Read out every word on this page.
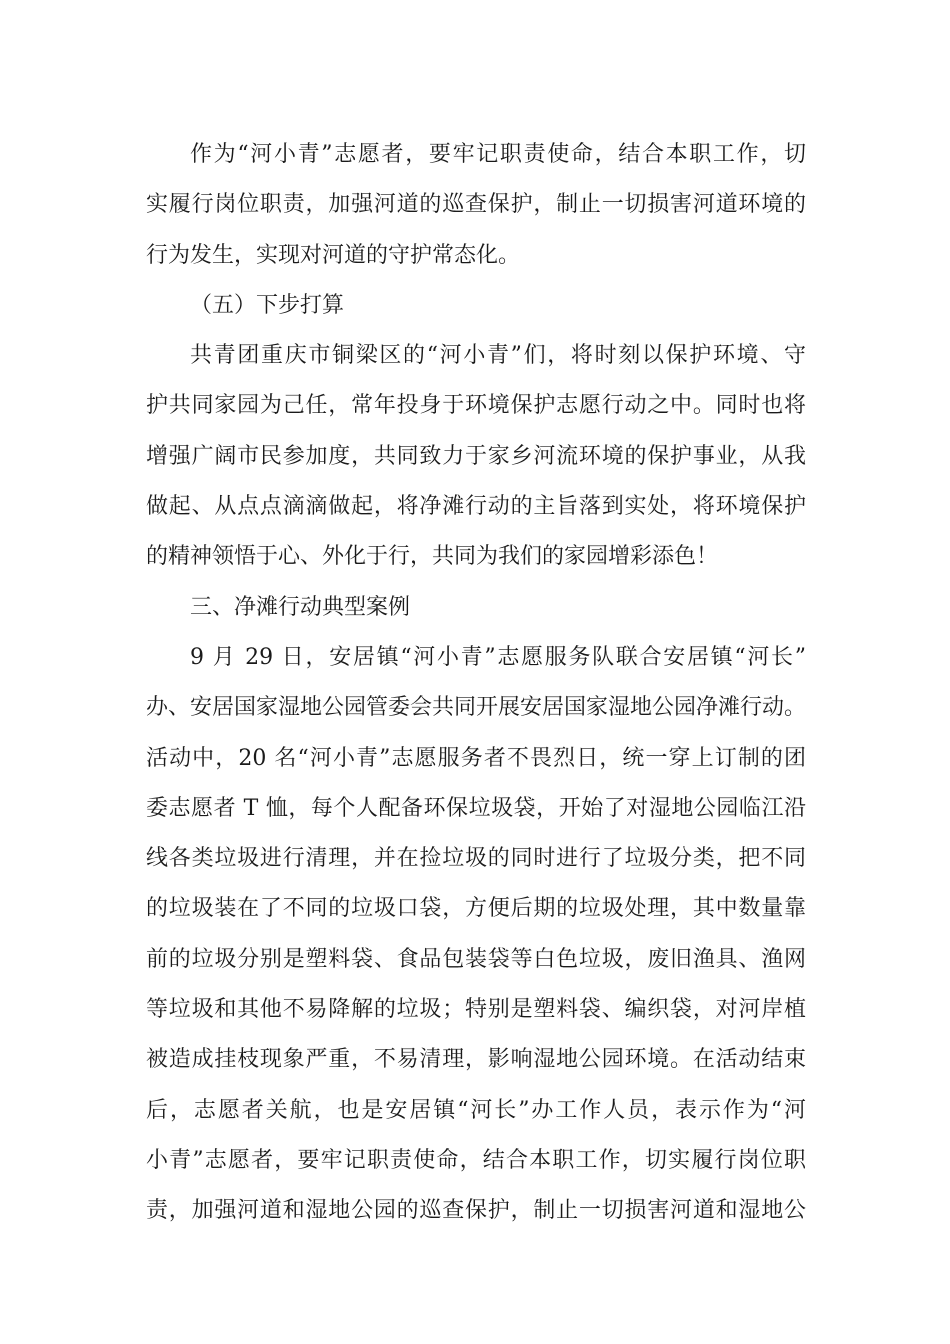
作为“河小青”志愿者，要牢记职责使命，结合本职工作，切
实履行岗位职责，加强河道的巡查保护，制止一切损害河道环境的
行为发生，实现对河道的守护常态化。
（五）下步打算
共青团重庆市铜梁区的“河小青”们，将时刻以保护环境、守
护共同家园为己任，常年投身于环境保护志愿行动之中。同时也将
增强广阔市民参加度，共同致力于家乡河流环境的保护事业，从我
做起、从点点滴滴做起，将净滩行动的主旨落到实处，将环境保护
的精神领悟于心、外化于行，共同为我们的家园增彩添色！
三、净滩行动典型案例
9 月 29 日，安居镇“河小青”志愿服务队联合安居镇“河长”
办、安居国家湿地公园管委会共同开展安居国家湿地公园净滩行动。
活动中，20 名“河小青”志愿服务者不畏烈日，统一穿上订制的团
委志愿者 T 恤，每个人配备环保垃圾袋，开始了对湿地公园临江沿
线各类垃圾进行清理，并在捡垃圾的同时进行了垃圾分类，把不同
的垃圾装在了不同的垃圾口袋，方便后期的垃圾处理，其中数量靠
前的垃圾分别是塑料袋、食品包装袋等白色垃圾，废旧渔具、渔网
等垃圾和其他不易降解的垃圾；特别是塑料袋、编织袋，对河岸植
被造成挂枝现象严重，不易清理，影响湿地公园环境。在活动结束
后，志愿者关航，也是安居镇“河长”办工作人员，表示作为“河
小青”志愿者，要牢记职责使命，结合本职工作，切实履行岗位职
责，加强河道和湿地公园的巡查保护，制止一切损害河道和湿地公
